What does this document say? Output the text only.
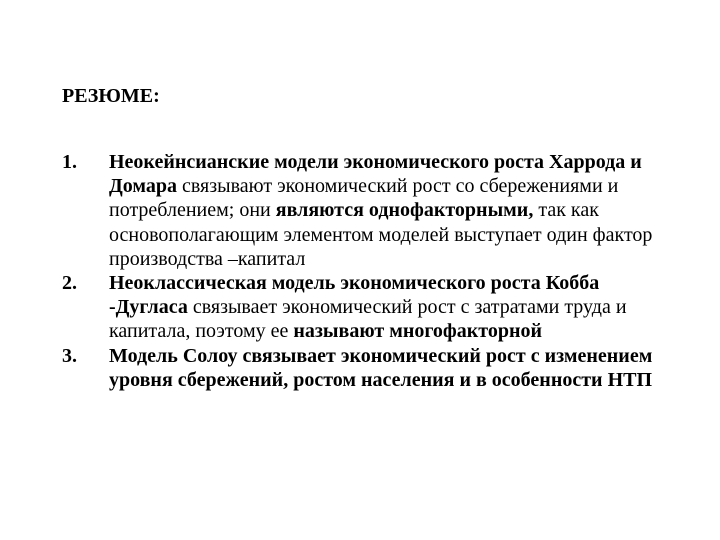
РЕЗЮМЕ:
1. Неокейнсианские модели экономического роста Харрода и Домара связывают экономический рост со сбережениями и потреблением; они являются однофакторными, так как основополагающим элементом моделей выступает один фактор производства –капитал
2. Неоклассическая модель экономического роста Кобба -Дугласа связывает экономический рост с затратами труда и капитала, поэтому ее называют многофакторной
3. Модель Солоу связывает экономический рост с изменением уровня сбережений, ростом населения и в особенности НТП
